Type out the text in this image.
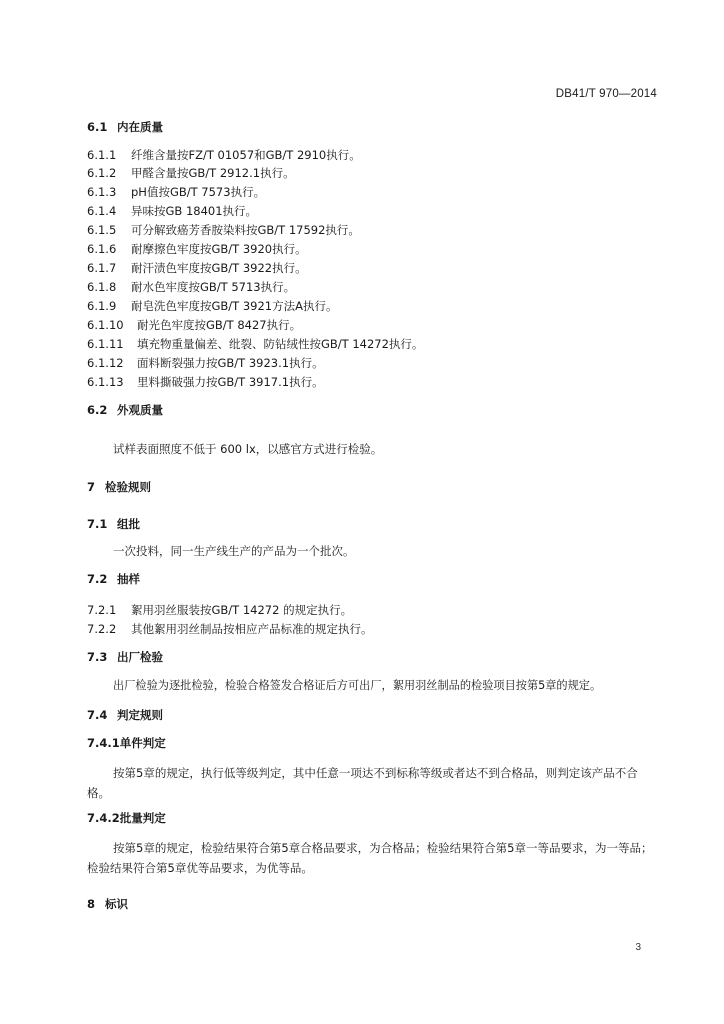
DB41/T 970—2014
6.1 内在质量
6.1.1 纤维含量按FZ/T 01057和GB/T 2910执行。
6.1.2 甲醛含量按GB/T 2912.1执行。
6.1.3 pH值按GB/T 7573执行。
6.1.4 异味按GB 18401执行。
6.1.5 可分解致癌芳香胺染料按GB/T 17592执行。
6.1.6 耐摩擦色牢度按GB/T 3920执行。
6.1.7 耐汗渍色牢度按GB/T 3922执行。
6.1.8 耐水色牢度按GB/T 5713执行。
6.1.9 耐皂洗色牢度按GB/T 3921方法A执行。
6.1.10 耐光色牢度按GB/T 8427执行。
6.1.11 填充物重量偏差、纰裂、防钻绒性按GB/T 14272执行。
6.1.12 面料断裂强力按GB/T 3923.1执行。
6.1.13 里料撕破强力按GB/T 3917.1执行。
6.2 外观质量
试样表面照度不低于 600 lx，以感官方式进行检验。
7 检验规则
7.1 组批
一次投料，同一生产线生产的产品为一个批次。
7.2 抽样
7.2.1 絮用羽丝服装按GB/T 14272 的规定执行。
7.2.2 其他絮用羽丝制品按相应产品标准的规定执行。
7.3 出厂检验
出厂检验为逐批检验，检验合格签发合格证后方可出厂，絮用羽丝制品的检验项目按第5章的规定。
7.4 判定规则
7.4.1单件判定
按第5章的规定，执行低等级判定，其中任意一项达不到标称等级或者达不到合格品，则判定该产品不合格。
7.4.2批量判定
按第5章的规定，检验结果符合第5章合格品要求，为合格品；检验结果符合第5章一等品要求，为一等品；检验结果符合第5章优等品要求，为优等品。
8 标识
3
